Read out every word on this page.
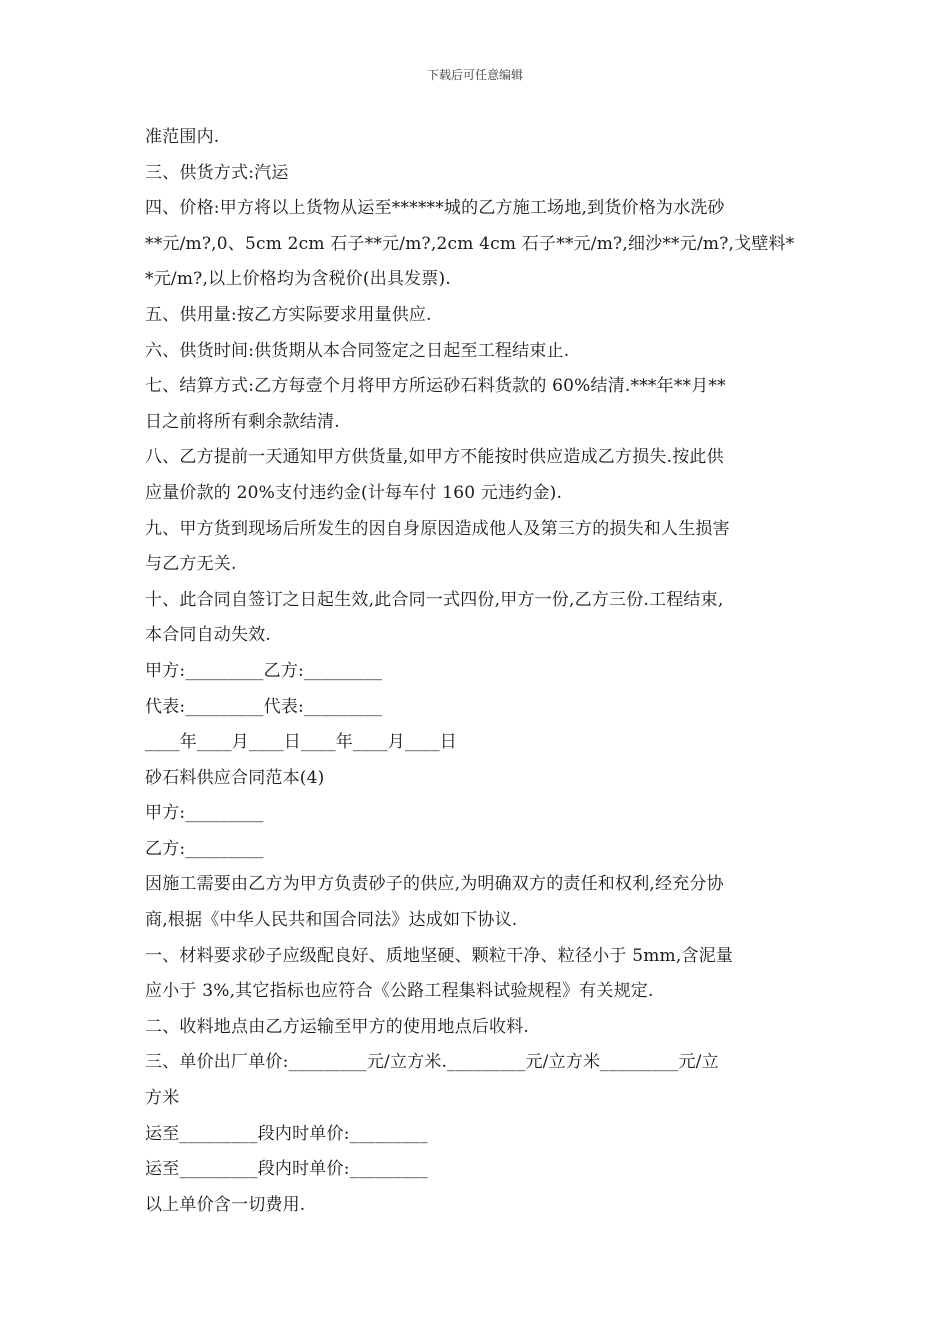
下载后可任意编辑
准范围内.
三、供货方式:汽运
四、价格:甲方将以上货物从运至******城的乙方施工场地,到货价格为水洗砂
**元/m?,0、5cm 2cm 石子**元/m?,2cm 4cm 石子**元/m?,细沙**元/m?,戈壁料*
*元/m?,以上价格均为含税价(出具发票).
五、供用量:按乙方实际要求用量供应.
六、供货时间:供货期从本合同签定之日起至工程结束止.
七、结算方式:乙方每壹个月将甲方所运砂石料货款的 60%结清.***年**月**
日之前将所有剩余款结清.
八、乙方提前一天通知甲方供货量,如甲方不能按时供应造成乙方损失.按此供
应量价款的 20%支付违约金(计每车付 160 元违约金).
九、甲方货到现场后所发生的因自身原因造成他人及第三方的损失和人生损害
与乙方无关.
十、此合同自签订之日起生效,此合同一式四份,甲方一份,乙方三份.工程结束,
本合同自动失效.
甲方:_________乙方:_________
代表:_________代表:_________
____年____月____日____年____月____日
砂石料供应合同范本(4)
甲方:_________
乙方:_________
因施工需要由乙方为甲方负责砂子的供应,为明确双方的责任和权利,经充分协
商,根据《中华人民共和国合同法》达成如下协议.
一、材料要求砂子应级配良好、质地坚硬、颗粒干净、粒径小于 5mm,含泥量
应小于 3%,其它指标也应符合《公路工程集料试验规程》有关规定.
二、收料地点由乙方运输至甲方的使用地点后收料.
三、单价出厂单价:_________元/立方米._________元/立方米_________元/立
方米
运至_________段内时单价:_________
运至_________段内时单价:_________
以上单价含一切费用.
